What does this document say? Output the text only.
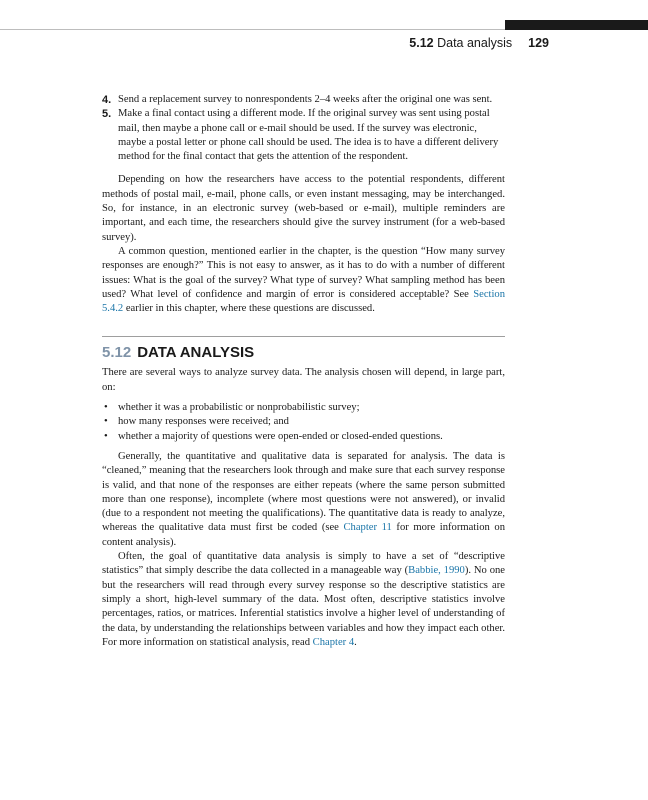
5.12 Data analysis 129
4. Send a replacement survey to nonrespondents 2–4 weeks after the original one was sent.
5. Make a final contact using a different mode. If the original survey was sent using postal mail, then maybe a phone call or e-mail should be used. If the survey was electronic, maybe a postal letter or phone call should be used. The idea is to have a different delivery method for the final contact that gets the attention of the respondent.

Depending on how the researchers have access to the potential respondents, different methods of postal mail, e-mail, phone calls, or even instant messaging, may be interchanged. So, for instance, in an electronic survey (web-based or e-mail), multiple reminders are important, and each time, the researchers should give the survey instrument (for a web-based survey).

A common question, mentioned earlier in the chapter, is the question “How many survey responses are enough?” This is not easy to answer, as it has to do with a number of different issues: What is the goal of the survey? What type of survey? What sampling method has been used? What level of confidence and margin of error is considered acceptable? See Section 5.4.2 earlier in this chapter, where these questions are discussed.

5.12 DATA ANALYSIS

There are several ways to analyze survey data. The analysis chosen will depend, in large part, on:

• whether it was a probabilistic or nonprobabilistic survey;
• how many responses were received; and
• whether a majority of questions were open-ended or closed-ended questions.

Generally, the quantitative and qualitative data is separated for analysis. The data is “cleaned,” meaning that the researchers look through and make sure that each survey response is valid, and that none of the responses are either repeats (where the same person submitted more than one response), incomplete (where most questions were not answered), or invalid (due to a respondent not meeting the qualifications). The quantitative data is ready to analyze, whereas the qualitative data must first be coded (see Chapter 11 for more information on content analysis).

Often, the goal of quantitative data analysis is simply to have a set of “descriptive statistics” that simply describe the data collected in a manageable way (Babbie, 1990). No one but the researchers will read through every survey response so the descriptive statistics are simply a short, high-level summary of the data. Most often, descriptive statistics involve percentages, ratios, or matrices. Inferential statistics involve a higher level of understanding of the data, by understanding the relationships between variables and how they impact each other. For more information on statistical analysis, read Chapter 4.
